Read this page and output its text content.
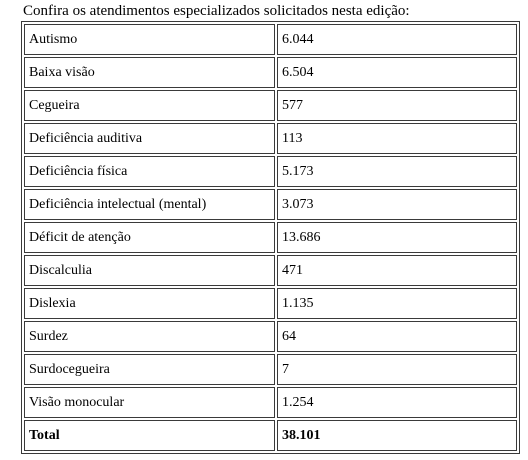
Confira os atendimentos especializados solicitados nesta edição:
Autismo	6.044
Baixa visão	6.504
Cegueira	577
Deficiência auditiva	113
Deficiência física	5.173
Deficiência intelectual (mental)	3.073
Déficit de atenção	13.686
Discalculia	471
Dislexia	1.135
Surdez	64
Surdocegueira	7
Visão monocular	1.254
Total	38.101
